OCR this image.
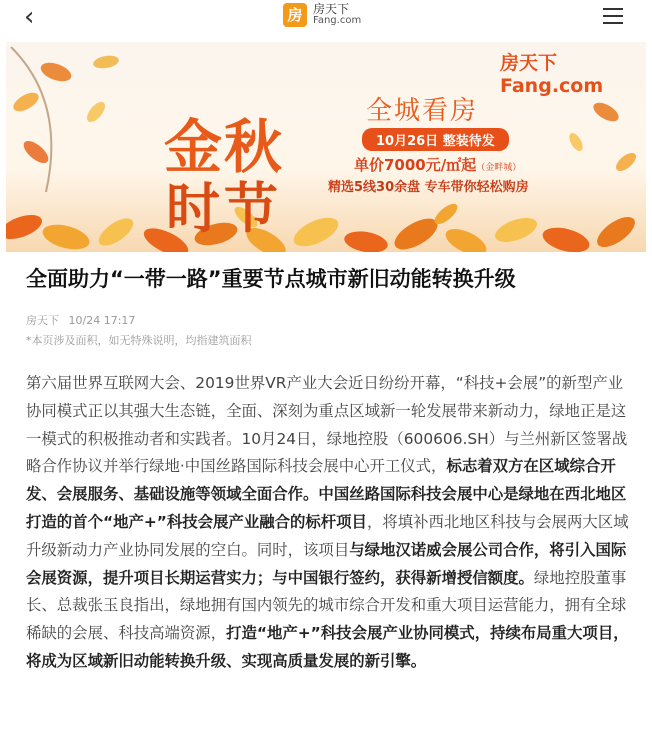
‹	房 房天下
Fang.com
房天下Fang.com
金秋
时节
全城看房
10月26日 整装待发
单价7000元/㎡起（金畔城）
精选5线30余盘 专车带你轻松购房
全面助力“一带一路”重要节点城市新旧动能转换升级
房天下 10/24 17:17
*本页涉及面积，如无特殊说明，均指建筑面积

第六届世界互联网大会、2019世界VR产业大会近日纷纷开幕，“科技+会展”的新型产业协同模式正以其强大生态链，全面、深刻为重点区域新一轮发展带来新动力，绿地正是这一模式的积极推动者和实践者。10月24日，绿地控股（600606.SH）与兰州新区签署战略合作协议并举行绿地·中国丝路国际科技会展中心开工仪式，标志着双方在区域综合开发、会展服务、基础设施等领域全面合作。中国丝路国际科技会展中心是绿地在西北地区打造的首个“地产+”科技会展产业融合的标杆项目，将填补西北地区科技与会展两大区域升级新动力产业协同发展的空白。同时，该项目与绿地汉诺威会展公司合作，将引入国际会展资源，提升项目长期运营实力；与中国银行签约，获得新增授信额度。绿地控股董事长、总裁张玉良指出，绿地拥有国内领先的城市综合开发和重大项目运营能力，拥有全球稀缺的会展、科技高端资源，打造“地产+”科技会展产业协同模式，持续布局重大项目，将成为区域新旧动能转换升级、实现高质量发展的新引擎。
